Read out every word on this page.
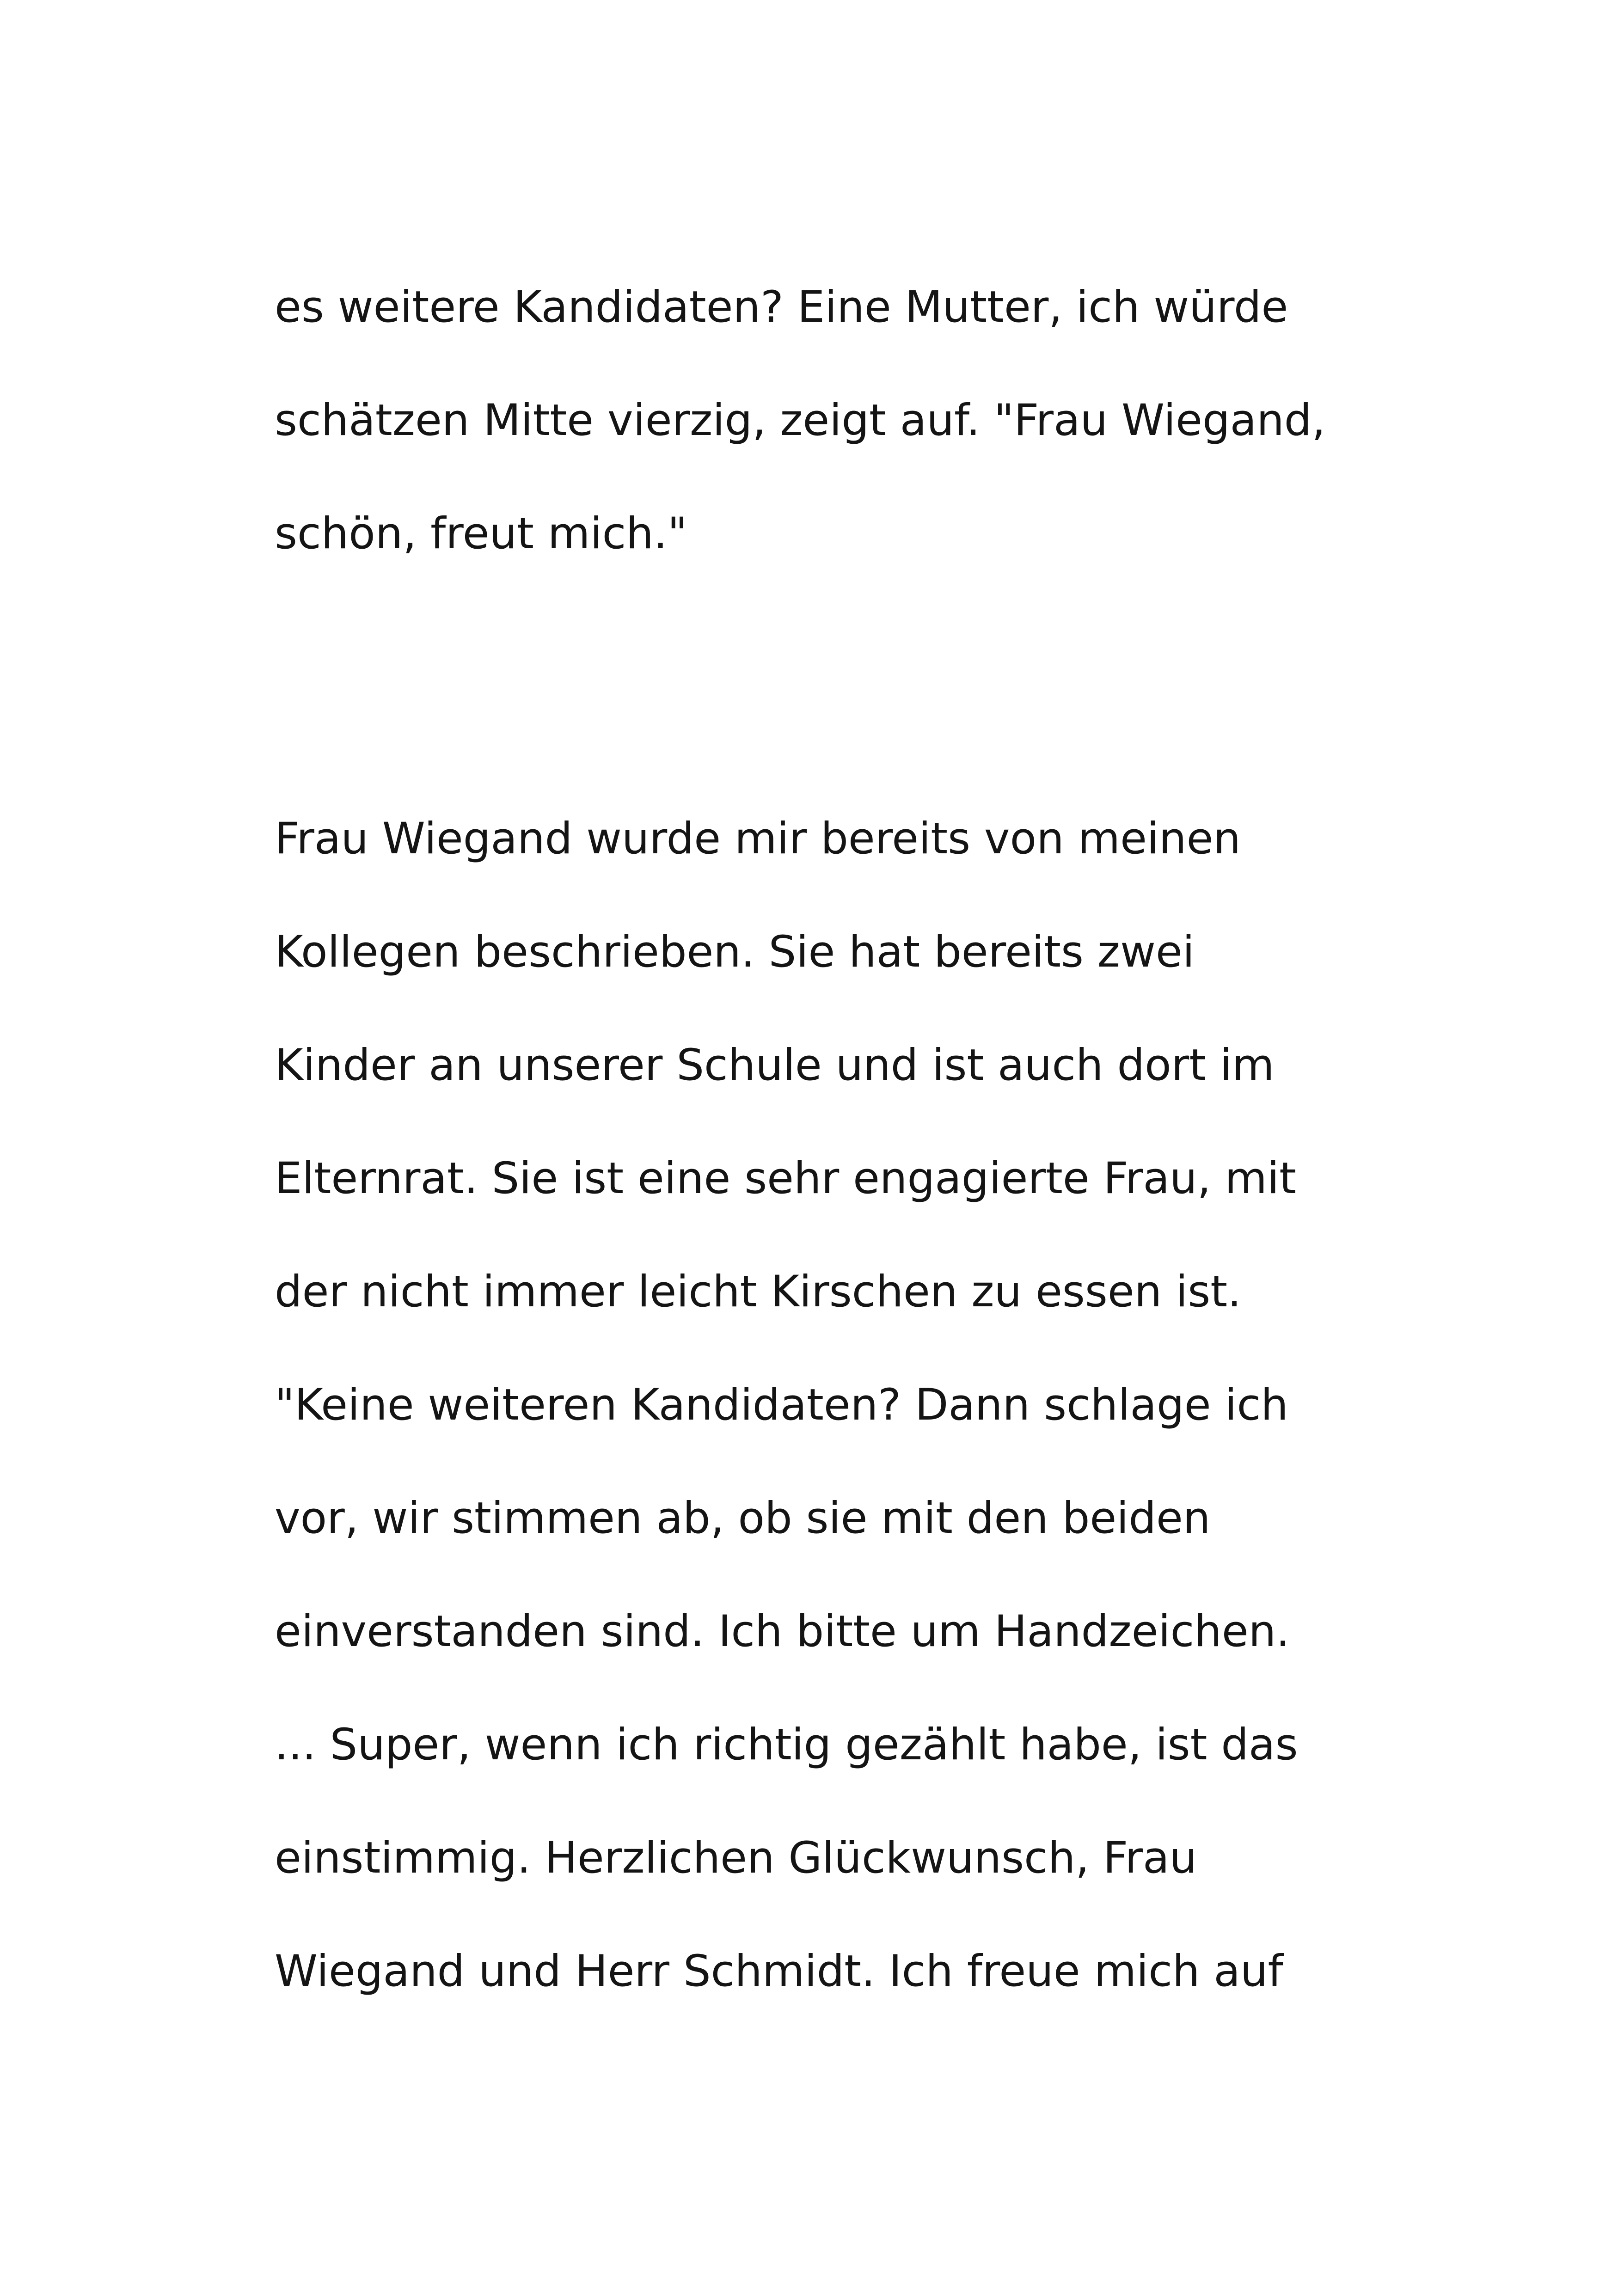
es weitere Kandidaten? Eine Mutter, ich würde
schätzen Mitte vierzig, zeigt auf. "Frau Wiegand,
schön, freut mich."
Frau Wiegand wurde mir bereits von meinen
Kollegen beschrieben. Sie hat bereits zwei
Kinder an unserer Schule und ist auch dort im
Elternrat. Sie ist eine sehr engagierte Frau, mit
der nicht immer leicht Kirschen zu essen ist.
"Keine weiteren Kandidaten? Dann schlage ich
vor, wir stimmen ab, ob sie mit den beiden
einverstanden sind. Ich bitte um Handzeichen.
... Super, wenn ich richtig gezählt habe, ist das
einstimmig. Herzlichen Glückwunsch, Frau
Wiegand und Herr Schmidt. Ich freue mich auf
